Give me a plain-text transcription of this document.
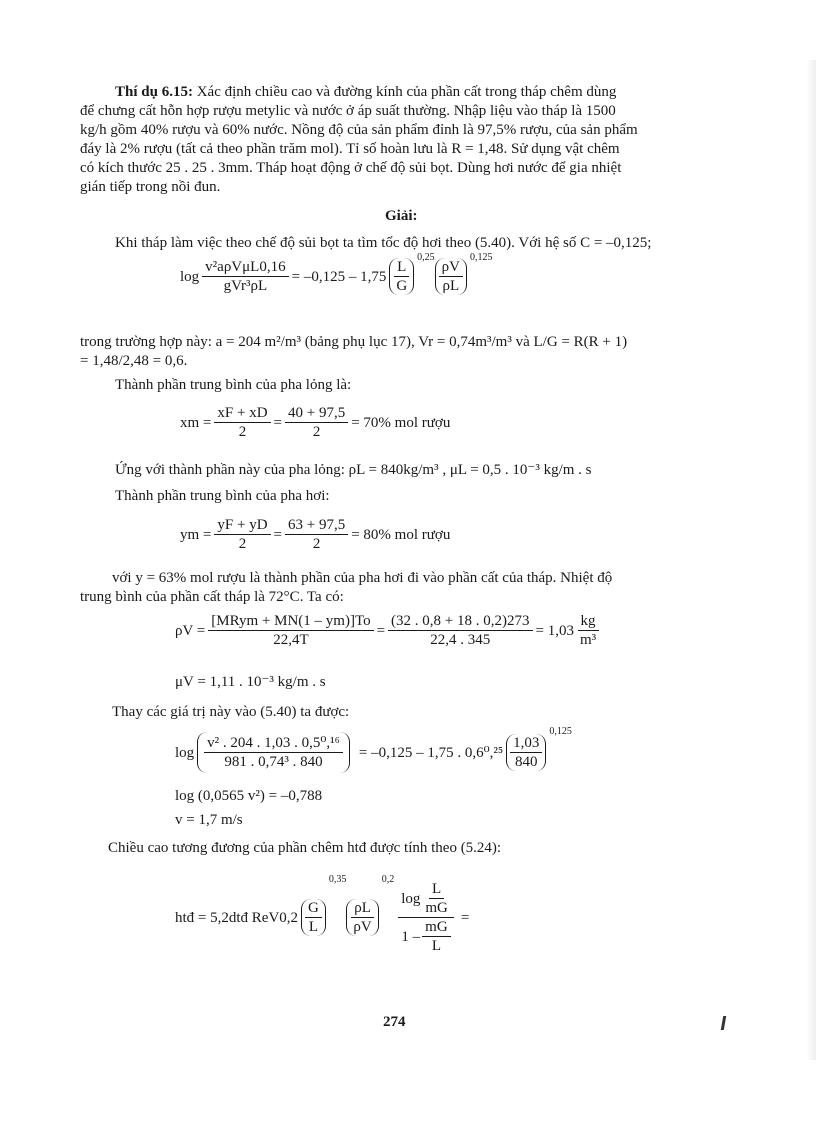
Thí dụ 6.15: Xác định chiều cao và đường kính của phần cất trong tháp chêm dùng
để chưng cất hỗn hợp rượu metylic và nước ở áp suất thường. Nhập liệu vào tháp là 1500
kg/h gồm 40% rượu và 60% nước. Nồng độ của sản phẩm đỉnh là 97,5% rượu, của sản phẩm
đáy là 2% rượu (tất cả theo phần trăm mol). Tỉ số hoàn lưu là R = 1,48. Sử dụng vật chêm
có kích thước 25 . 25 . 3mm. Tháp hoạt động ở chế độ sủi bọt. Dùng hơi nước để gia nhiệt
gián tiếp trong nồi đun.
Giải:
Khi tháp làm việc theo chế độ sủi bọt ta tìm tốc độ hơi theo (5.40). Với hệ số C = –0,125;
$\log \frac{\text{v²aρVμL0,16}}{\text{gVr³ρL}} = -0,125 - 1,75 \frac{L}{G}$
0,25
$\frac{\rho V}{\rho L}$
0,125
trong trường hợp này: a = 204 m²/m³ (bảng phụ lục 17), Vr = 0,74m³/m³ và L/G = R(R + 1)
= 1,48/2,48 = 0,6.
Thành phần trung bình của pha lỏng là:
xm = $\frac{xF + xD}{2} = \frac{40 + 97,5}{2} = 70\%$ mol rượu
Ứng với thành phần này của pha lỏng: ρL = 840kg/m³ , μL = 0,5 . 10⁻³ kg/m . s
Thành phần trung bình của pha hơi:
ym = $\frac{yF + yD}{2} = \frac{63 + 97,5}{2} = 80\%$ mol rượu
với y = 63% mol rượu là thành phần của pha hơi đi vào phần cất của tháp. Nhiệt độ
trung bình của phần cất tháp là 72°C. Ta có:
$\rho V = \frac{\text{[MRym + MN(1 – ym)]To}}{22,4T} = \frac{(32 . 0,8 + 18 . 0,2)273}{22,4 . 345} = 1,03 \frac{kg}{\text{m³}}$
μV = 1,11 . 10⁻³ kg/m . s
Thay các giá trị này vào (5.40) ta được:
$\log \frac{\text{v² . 204 . 1,03 . 0,5⁰,¹⁶}}{\text{981 . 0,74³ . 840}} = -0,125 - 1,75$ . $0,6^0,^{25} \frac{1,03}{840}$
0,125
log (0,0565 v²) = –0,788
v = 1,7 m/s
Chiều cao tương đương của phần chêm htđ được tính theo (5.24):
htđ = 5,2dtđ $ReV0,2 \frac{G}{L}$
0,35
$\frac{\rho L}{\rho V}$
0,2
$\frac{\log \frac{L}{mG}}{1 - \frac{mG}{L}}$ =
274
